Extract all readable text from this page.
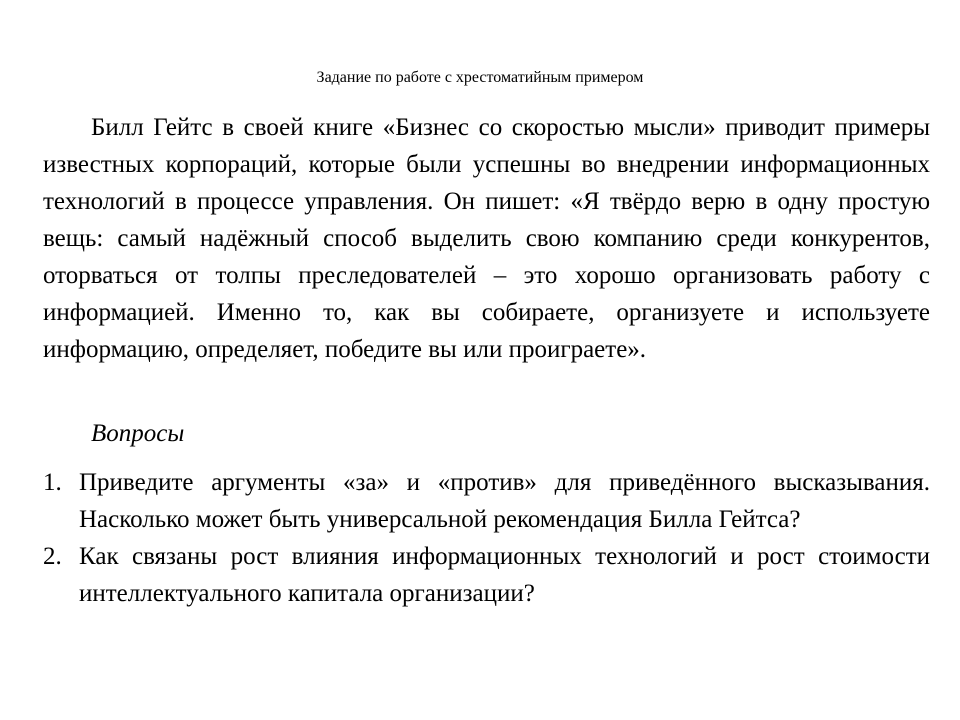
Задание по работе с хрестоматийным примером

Билл Гейтс в своей книге «Бизнес со скоростью мысли» приводит примеры известных корпораций, которые были успешны во внедрении информационных технологий в процессе управления. Он пишет: «Я твёрдо верю в одну простую вещь: самый надёжный способ выделить свою компанию среди конкурентов, оторваться от толпы преследователей – это хорошо организовать работу с информацией. Именно то, как вы собираете, организуете и используете информацию, определяет, победите вы или проиграете».

Вопросы
1. Приведите аргументы «за» и «против» для приведённого высказывания. Насколько может быть универсальной рекомендация Билла Гейтса?
2. Как связаны рост влияния информационных технологий и рост стоимости интеллектуального капитала организации?
